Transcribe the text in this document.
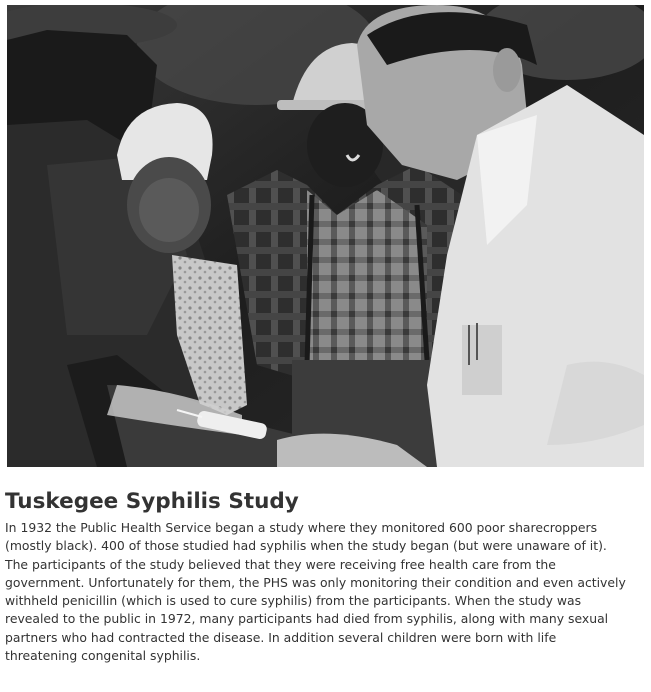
Tuskegee Syphilis Study

In 1932 the Public Health Service began a study where they monitored 600 poor sharecroppers
(mostly black). 400 of those studied had syphilis when the study began (but were unaware of it).
The participants of the study believed that they were receiving free health care from the
government. Unfortunately for them, the PHS was only monitoring their condition and even actively
withheld penicillin (which is used to cure syphilis) from the participants. When the study was
revealed to the public in 1972, many participants had died from syphilis, along with many sexual
partners who had contracted the disease. In addition several children were born with life
threatening congenital syphilis.
